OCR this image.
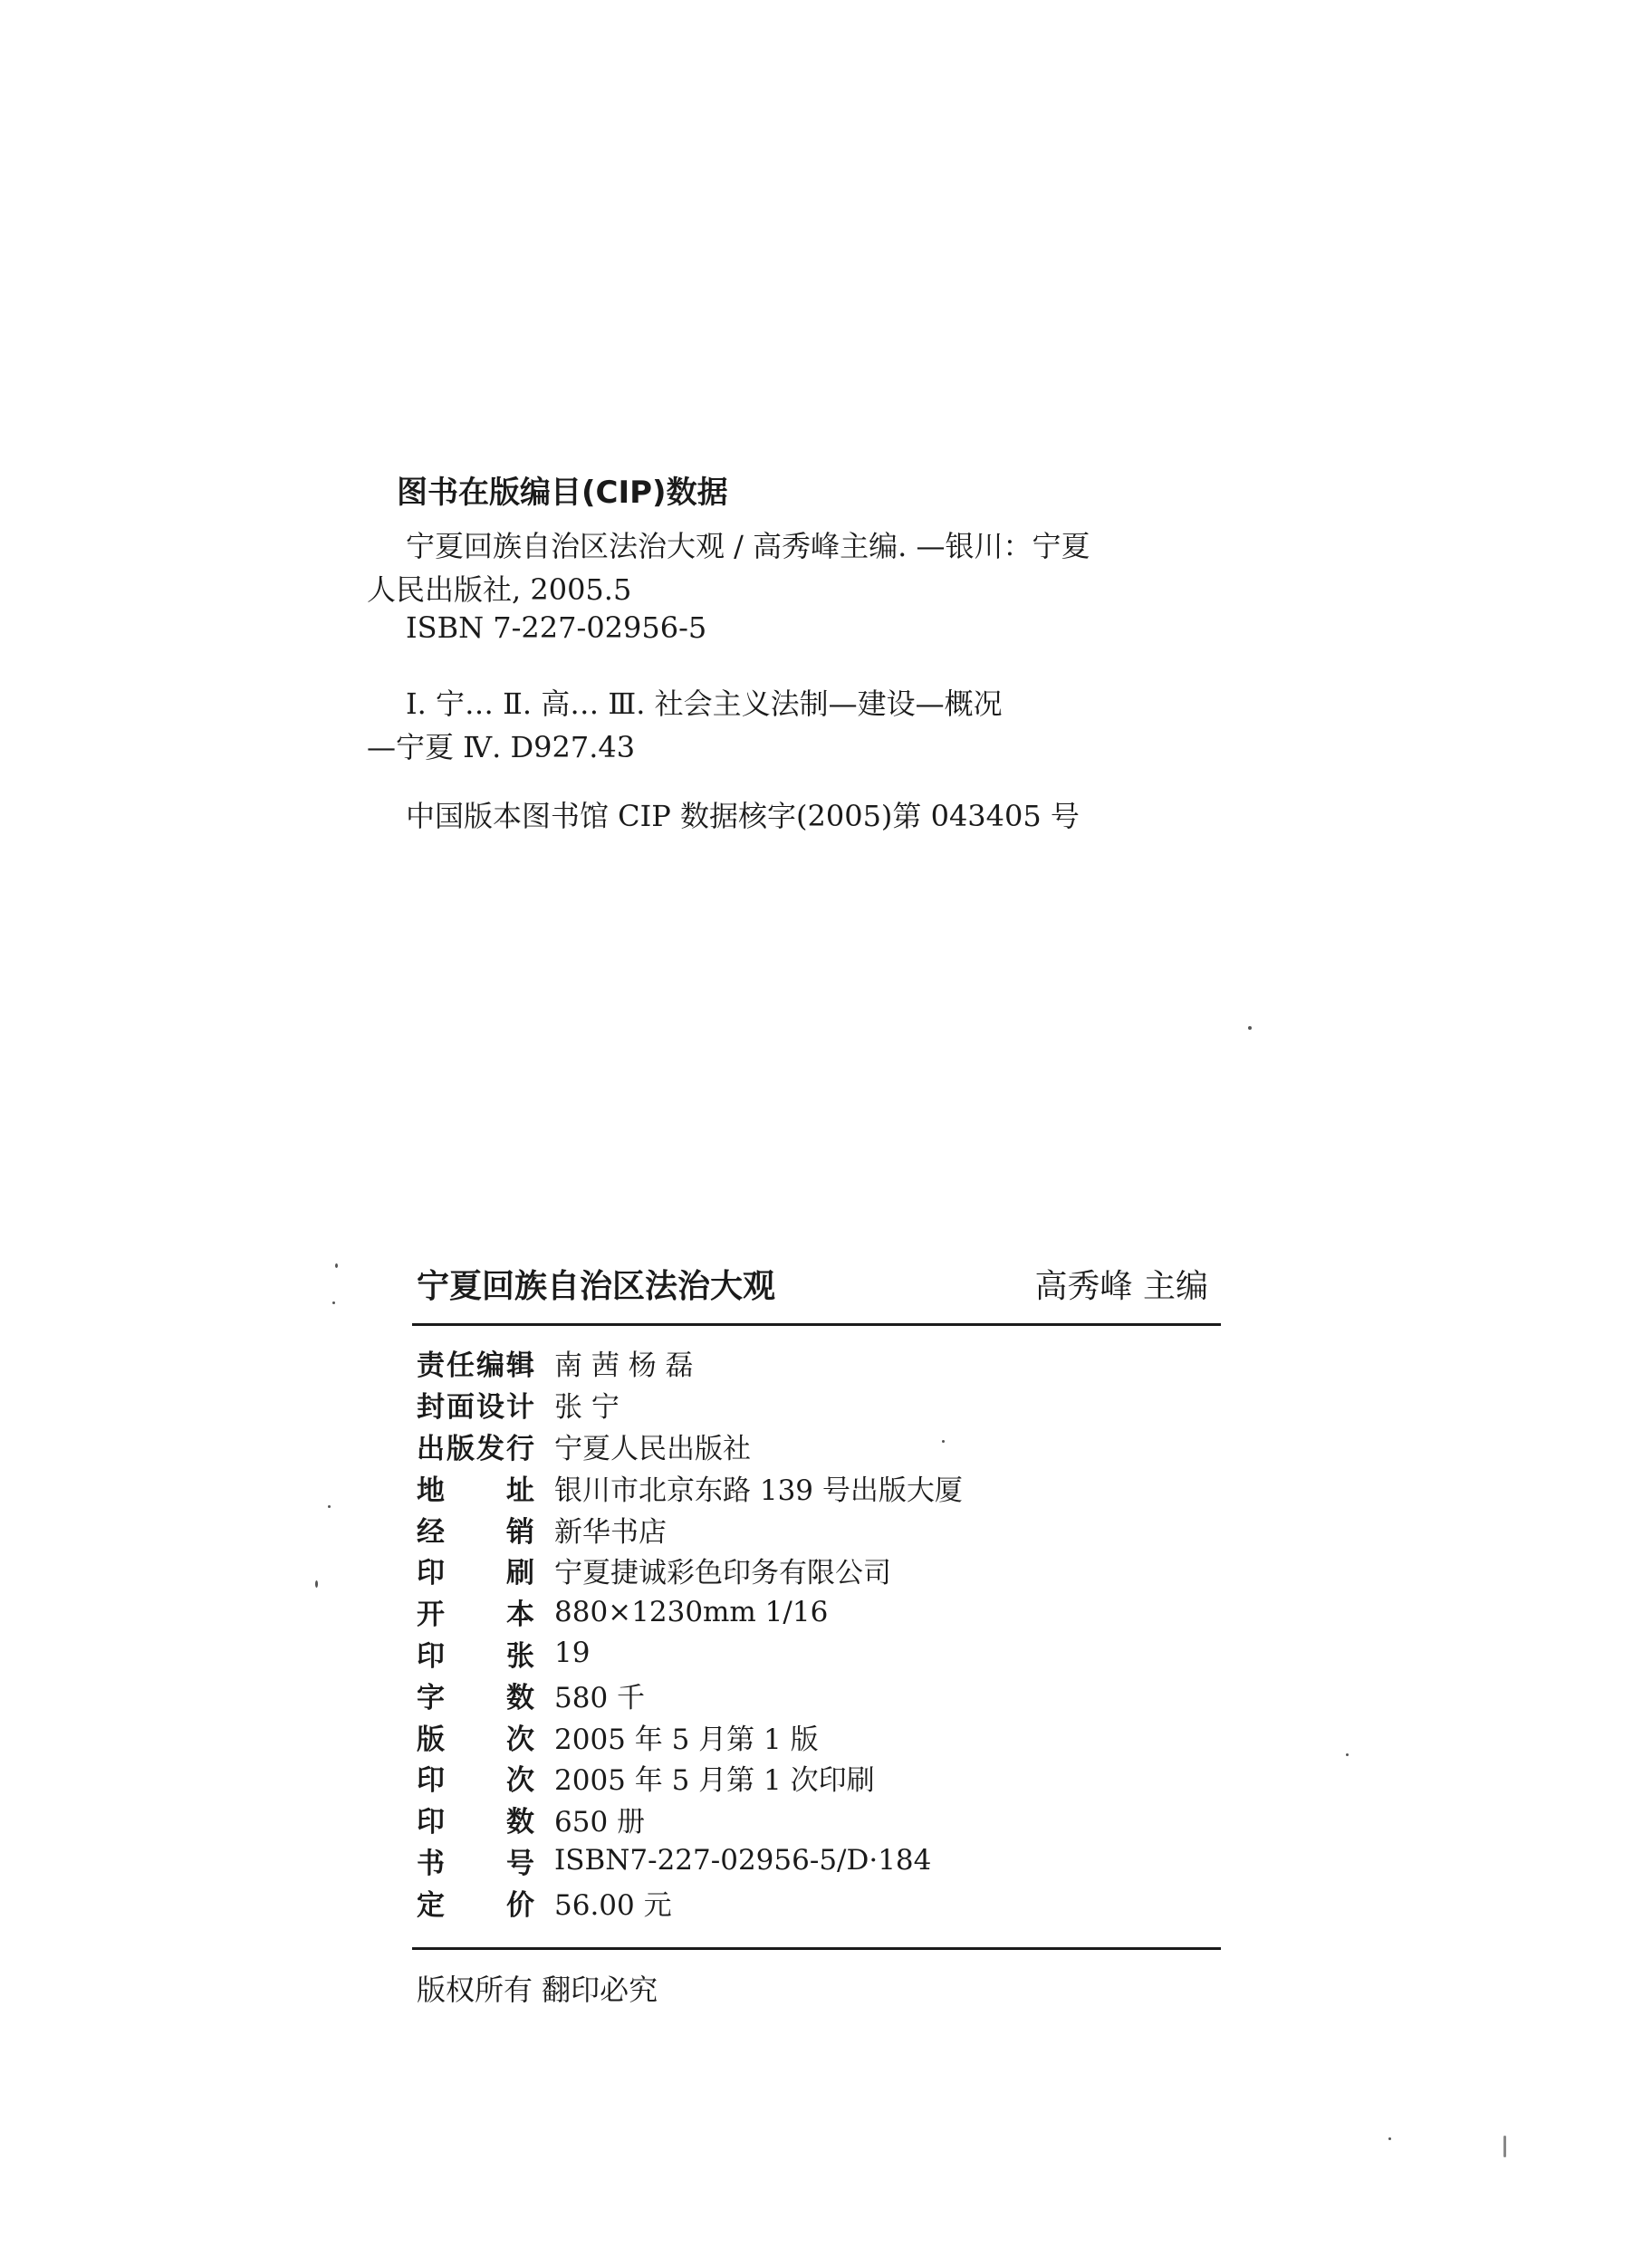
图书在版编目(CIP)数据
宁夏回族自治区法治大观 / 高秀峰主编. —银川：宁夏
人民出版社, 2005.5
ISBN 7-227-02956-5
Ⅰ. 宁… Ⅱ. 高… Ⅲ. 社会主义法制—建设—概况
—宁夏 Ⅳ. D927.43
中国版本图书馆 CIP 数据核字(2005)第 043405 号
宁夏回族自治区法治大观	高秀峰 主编
责任编辑 南 茜 杨 磊
封面设计 张 宁
出版发行 宁夏人民出版社
地址 银川市北京东路 139 号出版大厦
经销 新华书店
印刷 宁夏捷诚彩色印务有限公司
开本 880×1230mm 1/16
印张 19
字数 580 千
版次 2005 年 5 月第 1 版
印次 2005 年 5 月第 1 次印刷
印数 650 册
书号 ISBN7-227-02956-5/D·184
定价 56.00 元
版权所有 翻印必究
